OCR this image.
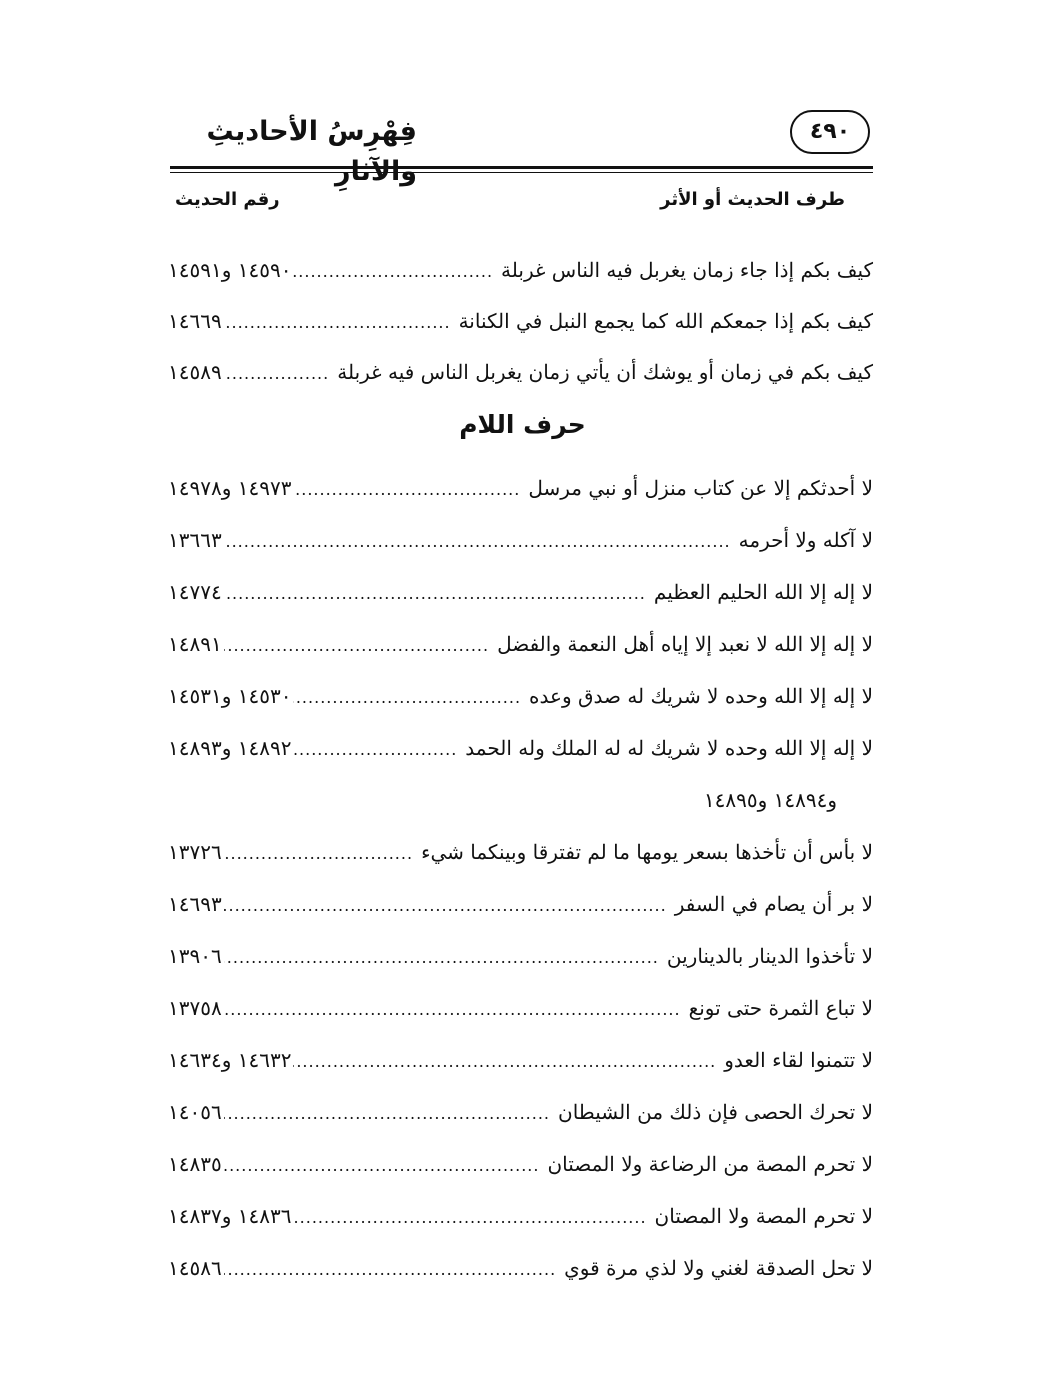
فِهْرِسُ الأحاديثِ	٤٩٠
طرف الحديث أو الأثر
رقم الحديث
كيف بكم إذا جاء زمان يغربل فيه الناس غربلة
.....
١٤٥٩٠ و١٤٥٩١
كيف بكم إذا جمعكم الله كما يجمع النبل في الكنانة
.....
١٤٦٦٩
كيف بكم في زمان أو يوشك أن يأتي زمان يغربل الناس فيه غربلة
.....
١٤٥٨٩
حرف اللام
لا أحدثكم إلا عن كتاب منزل أو نبي مرسل
.....
١٤٩٧٣ و١٤٩٧٨
لا آكله ولا أحرمه
.....
١٣٦٦٣
لا إله إلا الله الحليم العظيم
.....
١٤٧٧٤
لا إله إلا الله لا نعبد إلا إياه أهل النعمة والفضل
.....
١٤٨٩١
لا إله إلا الله وحده لا شريك له صدق وعده
.....
١٤٥٣٠ و١٤٥٣١
لا إله إلا الله وحده لا شريك له له الملك وله الحمد
.....
١٤٨٩٢ و١٤٨٩٣
و١٤٨٩٤ و١٤٨٩٥
لا بأس أن تأخذها بسعر يومها ما لم تفترقا وبينكما شيء
.....
١٣٧٢٦
لا بر أن يصام في السفر
.....
١٤٦٩٣
لا تأخذوا الدينار بالدينارين
.....
١٣٩٠٦
لا تباع الثمرة حتى تونع
.....
١٣٧٥٨
لا تتمنوا لقاء العدو
.....
١٤٦٣٢ و١٤٦٣٤
لا تحرك الحصى فإن ذلك من الشيطان
.....
١٤٠٥٦
لا تحرم المصة من الرضاعة ولا المصتان
.....
١٤٨٣٥
لا تحرم المصة ولا المصتان
.....
١٤٨٣٦ و١٤٨٣٧
لا تحل الصدقة لغني ولا لذي مرة قوي
.....
١٤٥٨٦
